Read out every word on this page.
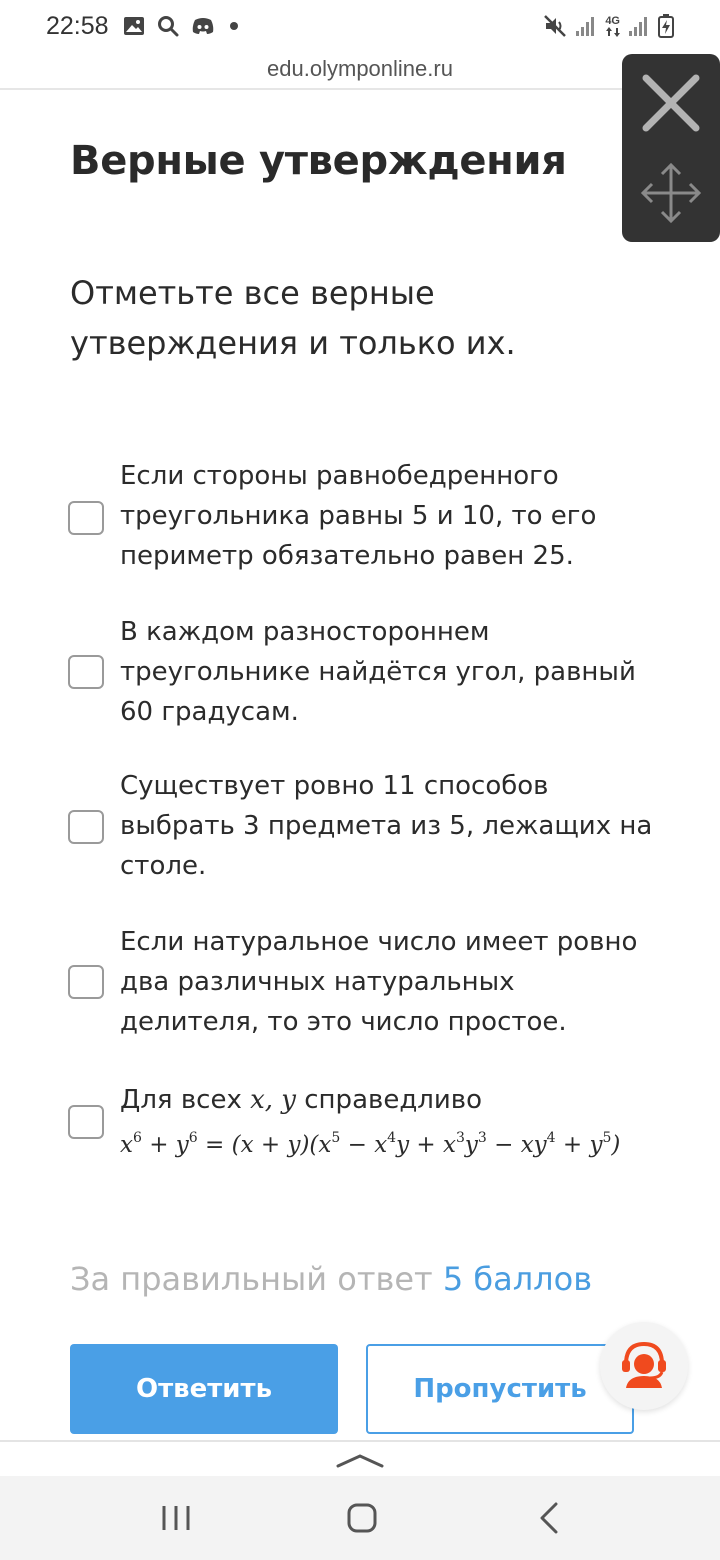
22:58	4G
edu.olymponline.ru
Верные утверждения

Отметьте все верные утверждения и только их.

Если стороны равнобедренного треугольника равны 5 и 10, то его периметр обязательно равен 25.
В каждом разностороннем треугольнике найдётся угол, равный 60 градусам.
Существует ровно 11 способов выбрать 3 предмета из 5, лежащих на столе.
Если натуральное число имеет ровно два различных натуральных делителя, то это число простое.
Для всех x, y справедливо
$x^6 + y^6 = (x + y)(x^5 - x^4y + x^3y^3 - xy^4 + y^5)$
За правильный ответ 5 баллов
Ответить	Пропустить
